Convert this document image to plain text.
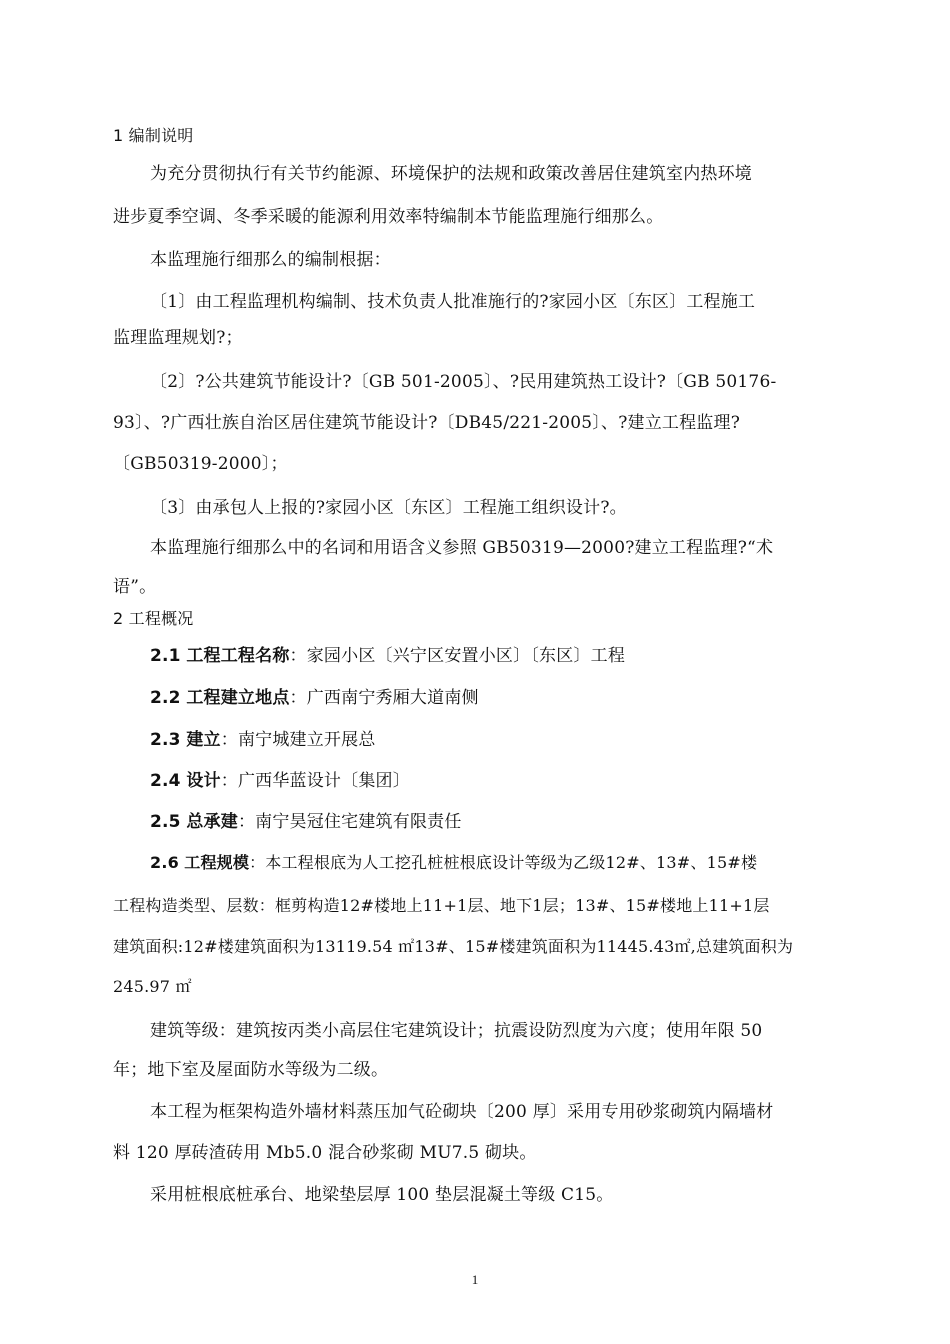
1 编制说明
为充分贯彻执行有关节约能源、环境保护的法规和政策改善居住建筑室内热环境
进步夏季空调、冬季采暖的能源利用效率特编制本节能监理施行细那么。
本监理施行细那么的编制根据：
〔1〕由工程监理机构编制、技术负责人批准施行的?家园小区〔东区〕工程施工
监理监理规划?；
〔2〕?公共建筑节能设计?〔GB 501-2005〕、?民用建筑热工设计?〔GB 50176-
93〕、?广西壮族自治区居住建筑节能设计?〔DB45/221-2005〕、?建立工程监理?
〔GB50319-2000〕；
〔3〕由承包人上报的?家园小区〔东区〕工程施工组织设计?。
本监理施行细那么中的名词和用语含义参照 GB50319—2000?建立工程监理?“术
语”。
2 工程概况
2.1 工程工程名称：家园小区〔兴宁区安置小区〕〔东区〕工程
2.2 工程建立地点：广西南宁秀厢大道南侧
2.3 建立：南宁城建立开展总
2.4 设计：广西华蓝设计〔集团〕
2.5 总承建：南宁昊冠住宅建筑有限责任
2.6 工程规模：本工程根底为人工挖孔桩桩根底设计等级为乙级12#、13#、15#楼
工程构造类型、层数：框剪构造12#楼地上11+1层、地下1层；13#、15#楼地上11+1层
建筑面积:12#楼建筑面积为13119.54 ㎡13#、15#楼建筑面积为11445.43㎡,总建筑面积为
245.97 ㎡
建筑等级：建筑按丙类小高层住宅建筑设计；抗震设防烈度为六度；使用年限 50
年；地下室及屋面防水等级为二级。
本工程为框架构造外墙材料蒸压加气砼砌块〔200 厚〕采用专用砂浆砌筑内隔墙材
料 120 厚砖渣砖用 Mb5.0 混合砂浆砌 MU7.5 砌块。
采用桩根底桩承台、地梁垫层厚 100 垫层混凝土等级 C15。
1
